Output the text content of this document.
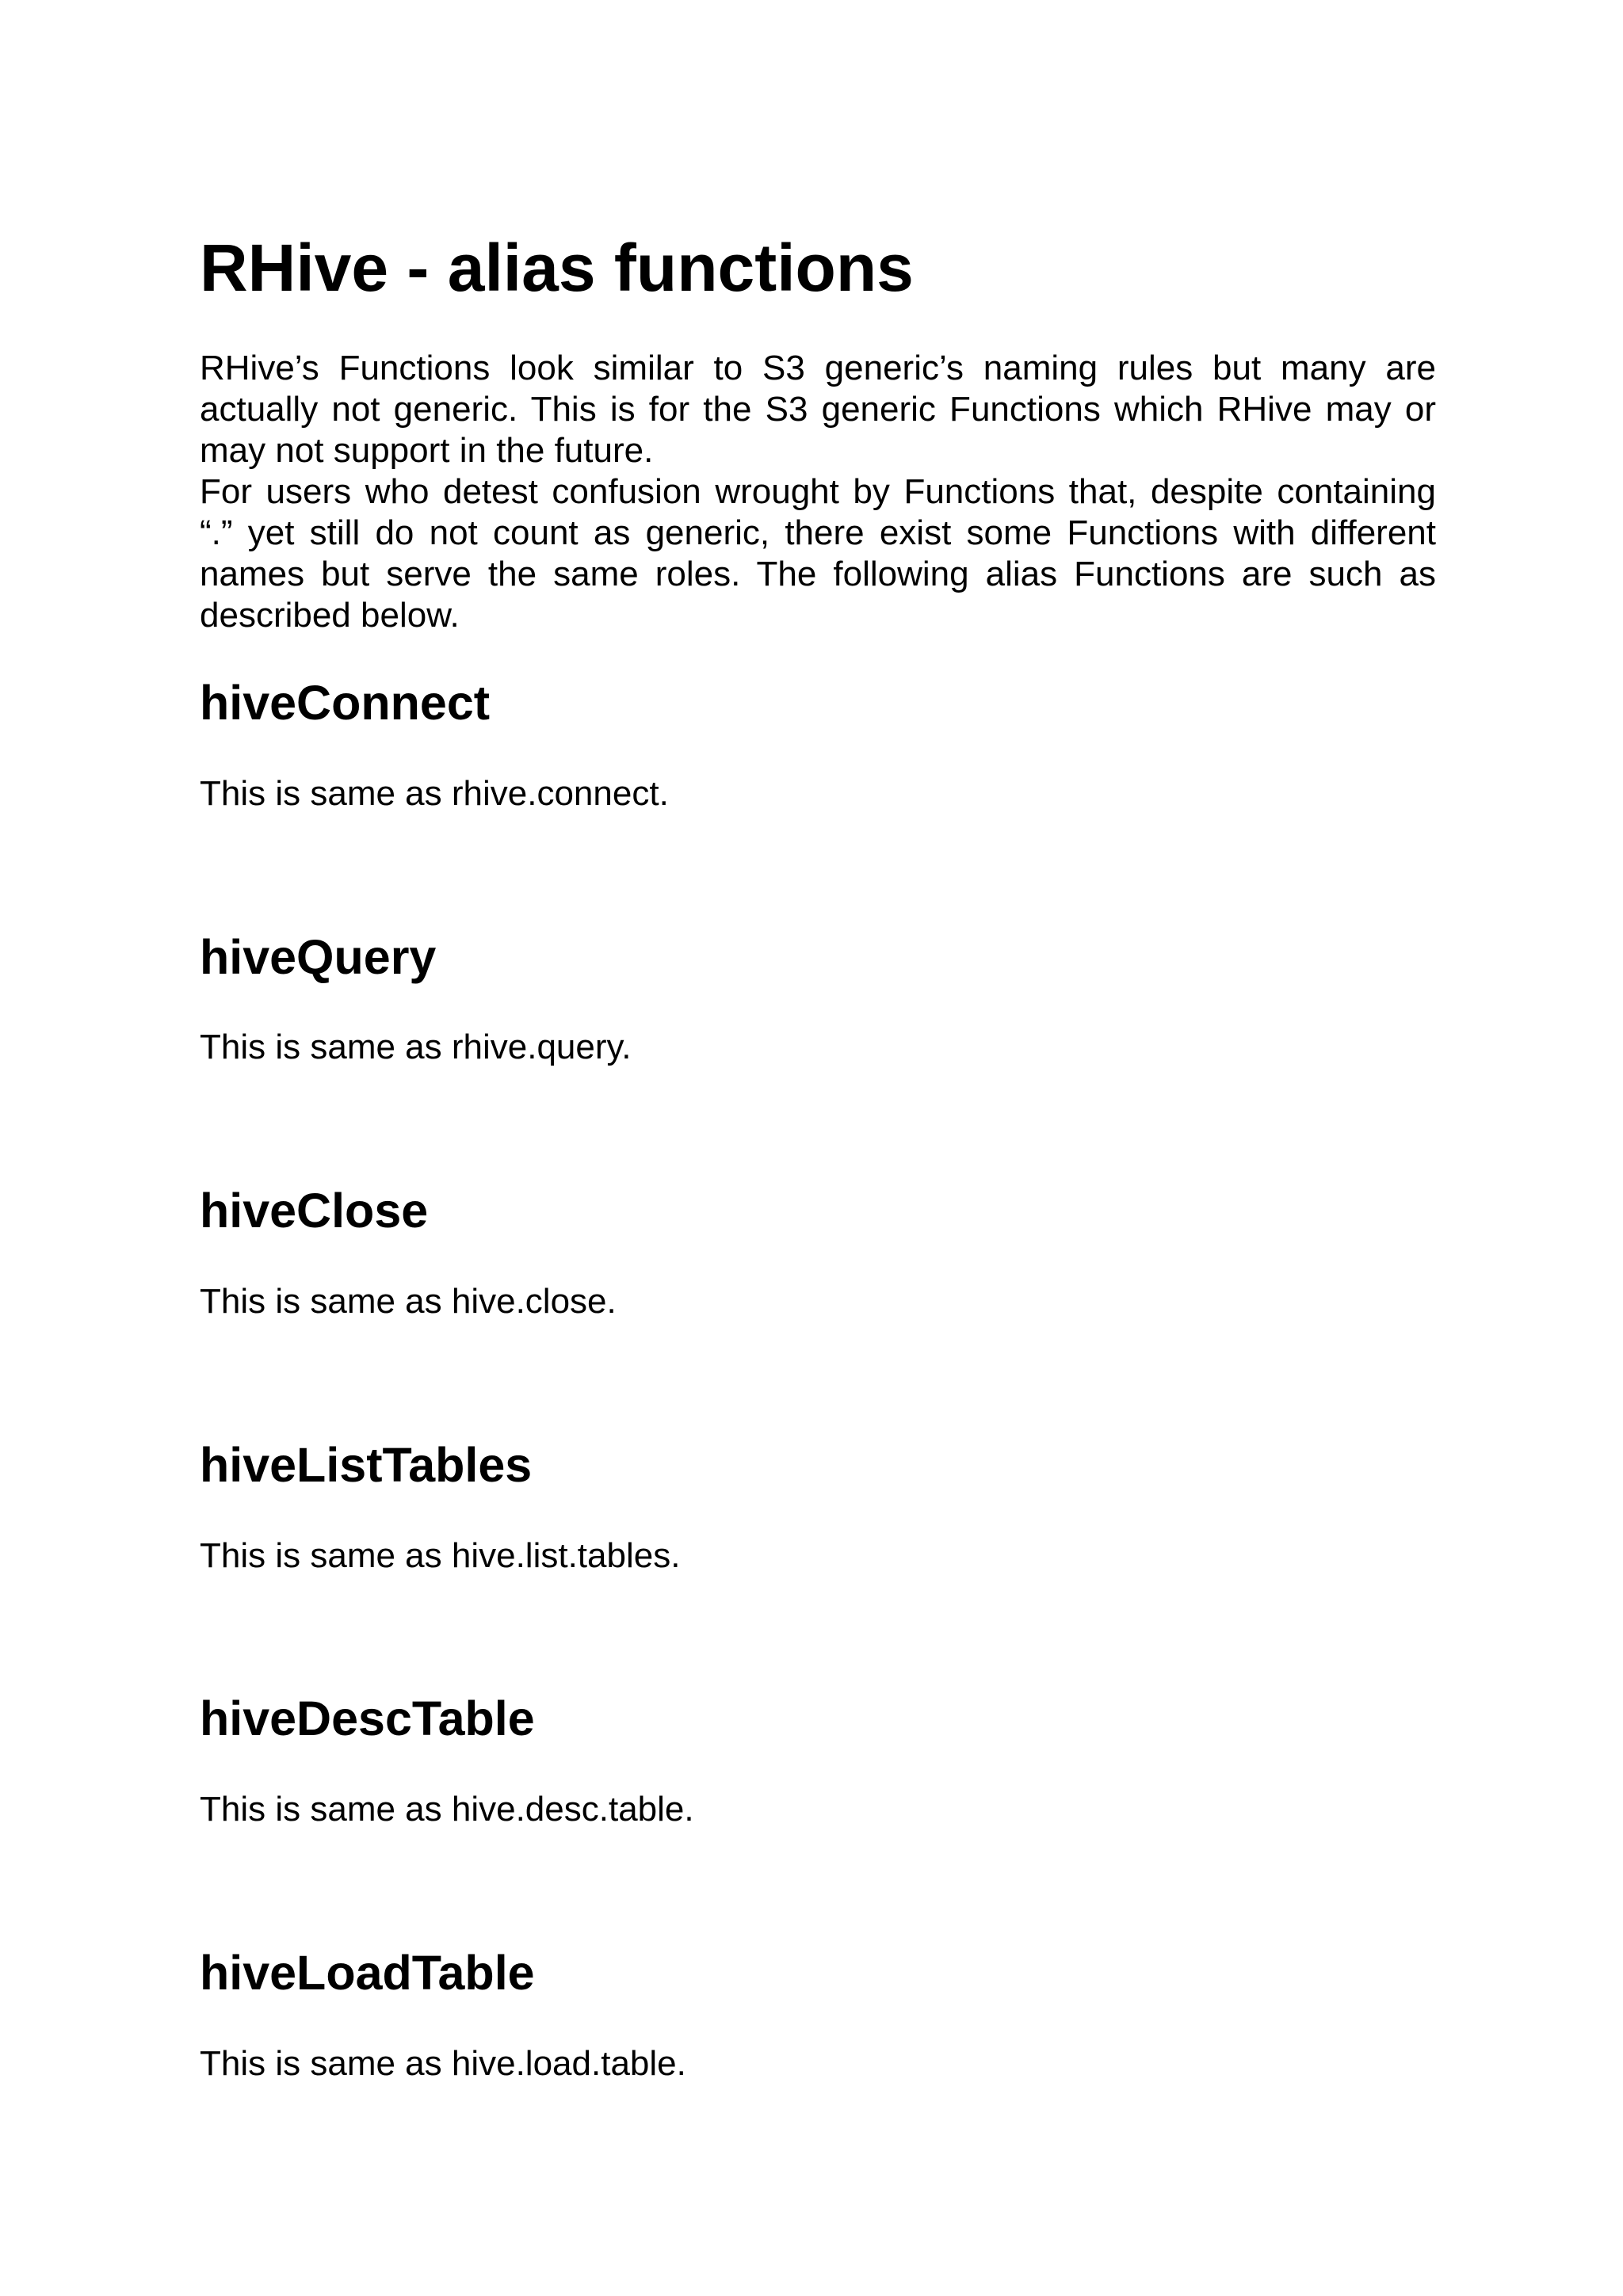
RHive - alias functions

RHive’s Functions look similar to S3 generic’s naming rules but many are actually not generic. This is for the S3 generic Functions which RHive may or may not support in the future.

For users who detest confusion wrought by Functions that, despite containing “.” yet still do not count as generic, there exist some Functions with different names but serve the same roles. The following alias Functions are such as described below.

hiveConnect

This is same as rhive.connect.

hiveQuery

This is same as rhive.query.

hiveClose

This is same as hive.close.

hiveListTables

This is same as hive.list.tables.

hiveDescTable

This is same as hive.desc.table.

hiveLoadTable

This is same as hive.load.table.
